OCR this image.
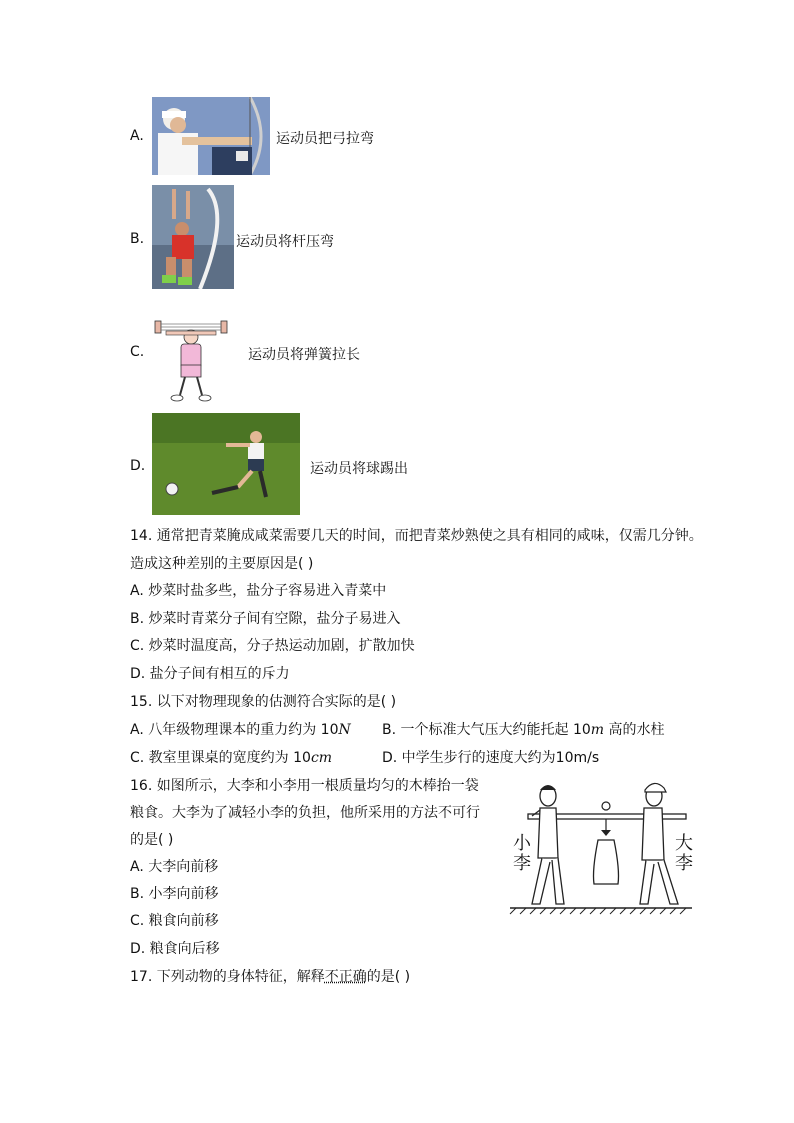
A.	运动员把弓拉弯
B.	运动员将杆压弯
C.	运动员将弹簧拉长
D.	运动员将球踢出
14. 通常把青菜腌成咸菜需要几天的时间，而把青菜炒熟使之具有相同的咸味，仅需几分钟。
造成这种差别的主要原因是( )
A. 炒菜时盐多些，盐分子容易进入青菜中
B. 炒菜时青菜分子间有空隙，盐分子易进入
C. 炒菜时温度高，分子热运动加剧，扩散加快
D. 盐分子间有相互的斥力
15. 以下对物理现象的估测符合实际的是( )
A. 八年级物理课本的重力约为 10N B. 一个标准大气压大约能托起 10m 高的水柱
C. 教室里课桌的宽度约为 10cm	D. 中学生步行的速度大约为10m/s
16. 如图所示，大李和小李用一根质量均匀的木棒抬一袋
粮食。大李为了减轻小李的负担，他所采用的方法不可行
的是( )
A. 大李向前移
B. 小李向前移
C. 粮食向前移
D. 粮食向后移
小李
大李
17. 下列动物的身体特征，解释不正确的是( )
